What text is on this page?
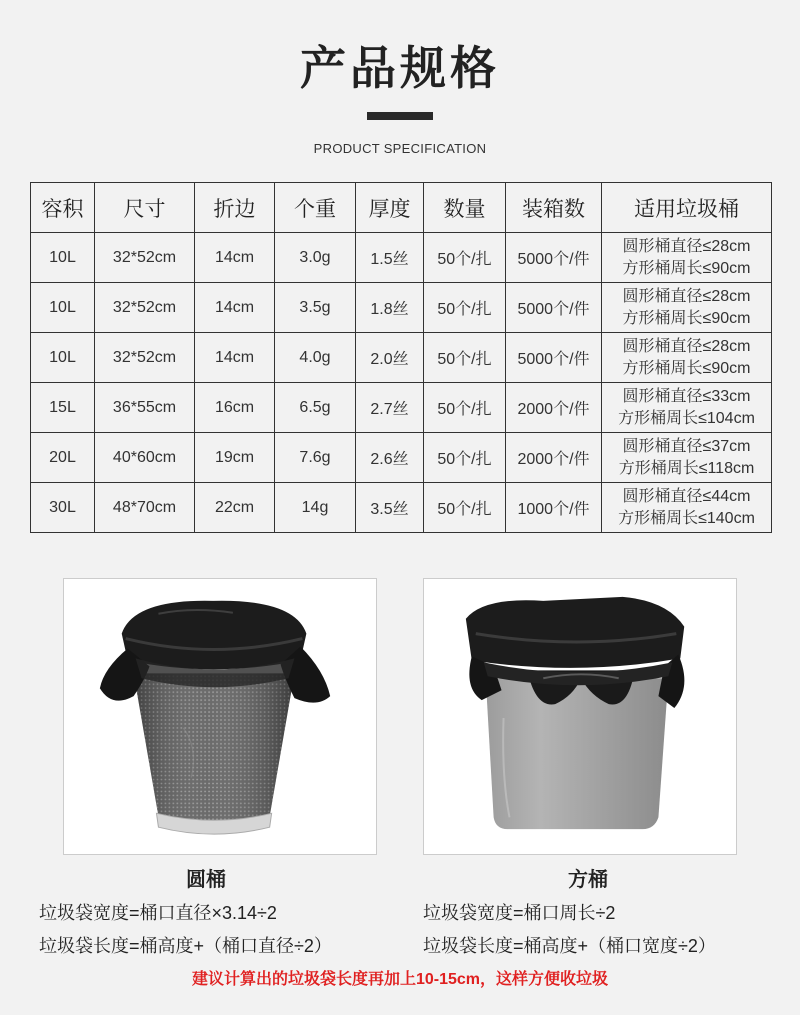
产品规格
PRODUCT SPECIFICATION
容积	尺寸	折边	个重	厚度	数量	装箱数	适用垃圾桶
10L	32*52cm	14cm	3.0g	1.5丝	50个/扎	5000个/件	圆形桶直径≤28cm
方形桶周长≤90cm

10L	32*52cm	14cm	3.5g	1.8丝	50个/扎	5000个/件	圆形桶直径≤28cm
方形桶周长≤90cm

10L	32*52cm	14cm	4.0g	2.0丝	50个/扎	5000个/件	圆形桶直径≤28cm
方形桶周长≤90cm

15L	36*55cm	16cm	6.5g	2.7丝	50个/扎	2000个/件	圆形桶直径≤33cm
方形桶周长≤104cm

20L	40*60cm	19cm	7.6g	2.6丝	50个/扎	2000个/件	圆形桶直径≤37cm
方形桶周长≤118cm

30L	48*70cm	22cm	14g	3.5丝	50个/扎	1000个/件	圆形桶直径≤44cm
方形桶周长≤140cm
圆桶	方桶
垃圾袋宽度=桶口直径×3.14÷2
垃圾袋长度=桶高度+（桶口直径÷2）
垃圾袋宽度=桶口周长÷2
垃圾袋长度=桶高度+（桶口宽度÷2）
建议计算出的垃圾袋长度再加上10-15cm，这样方便收垃圾
